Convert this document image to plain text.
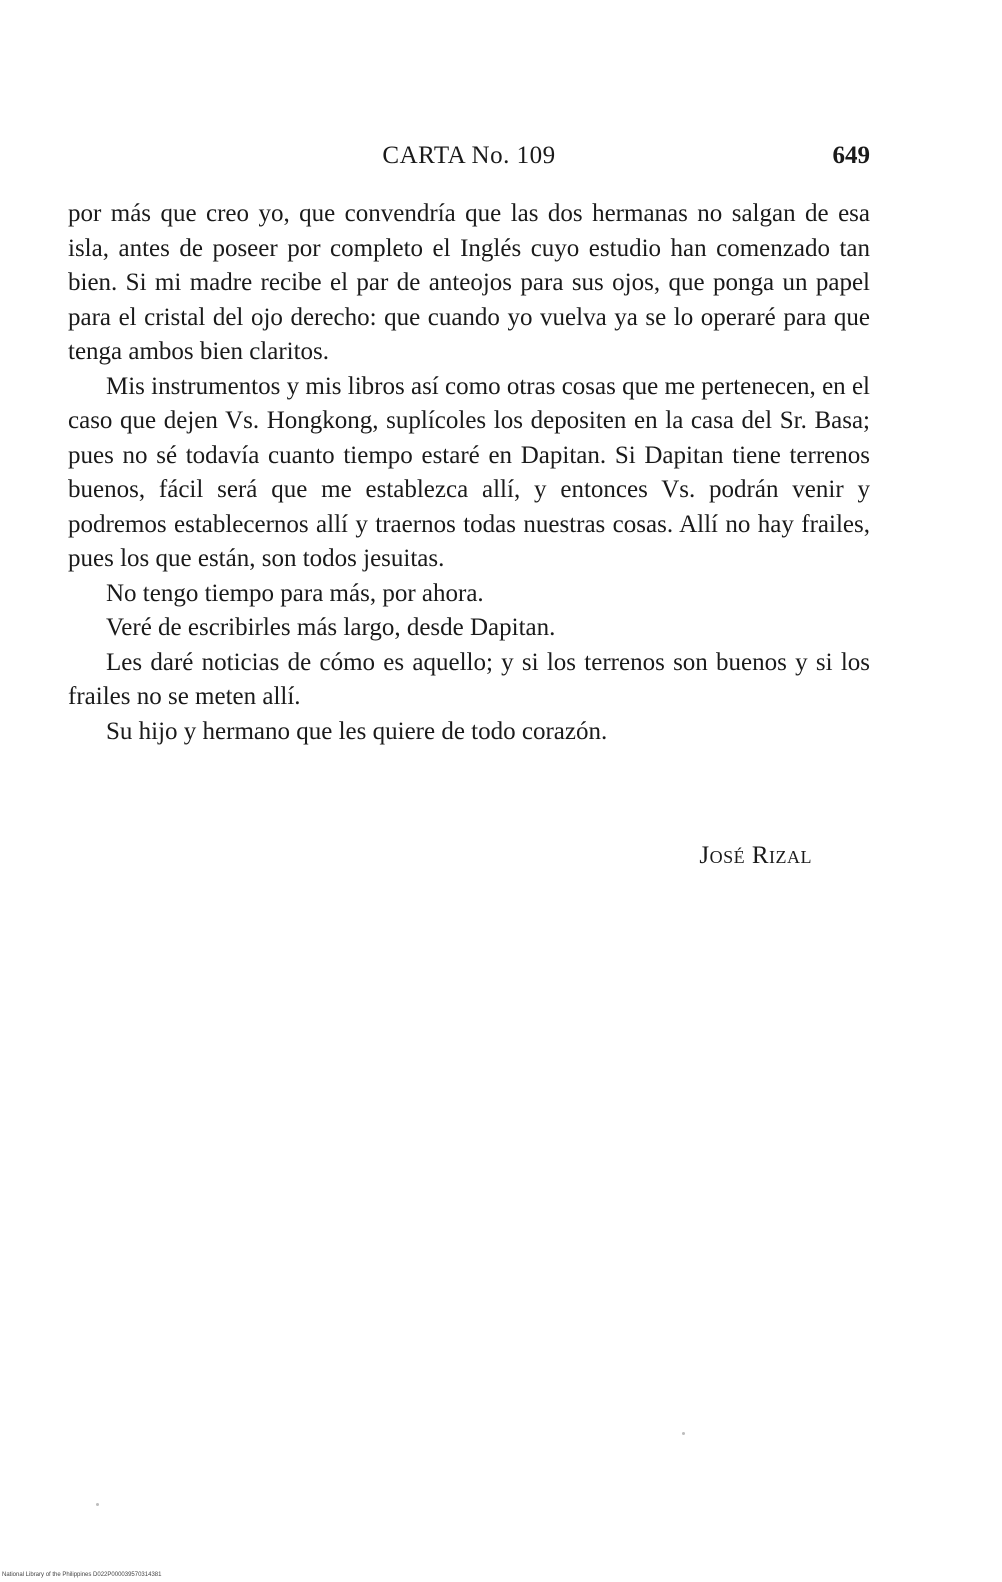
CARTA No. 109	649

por más que creo yo, que convendría que las dos hermanas no salgan de esa isla, antes de poseer por completo el Inglés cuyo estudio han comenzado tan bien. Si mi madre recibe el par de anteojos para sus ojos, que ponga un papel para el cristal del ojo derecho: que cuando yo vuelva ya se lo operaré para que tenga ambos bien claritos.

Mis instrumentos y mis libros así como otras cosas que me pertenecen, en el caso que dejen Vs. Hongkong, suplícoles los depositen en la casa del Sr. Basa; pues no sé todavía cuanto tiempo estaré en Dapitan. Si Dapitan tiene terrenos buenos, fácil será que me establezca allí, y entonces Vs. podrán venir y podremos establecernos allí y traernos todas nuestras cosas. Allí no hay frailes, pues los que están, son todos jesuitas.

No tengo tiempo para más, por ahora.

Veré de escribirles más largo, desde Dapitan.

Les daré noticias de cómo es aquello; y si los terrenos son buenos y si los frailes no se meten allí.

Su hijo y hermano que les quiere de todo corazón.

José Rizal
National Library of the Philippines D022P000039570314381
